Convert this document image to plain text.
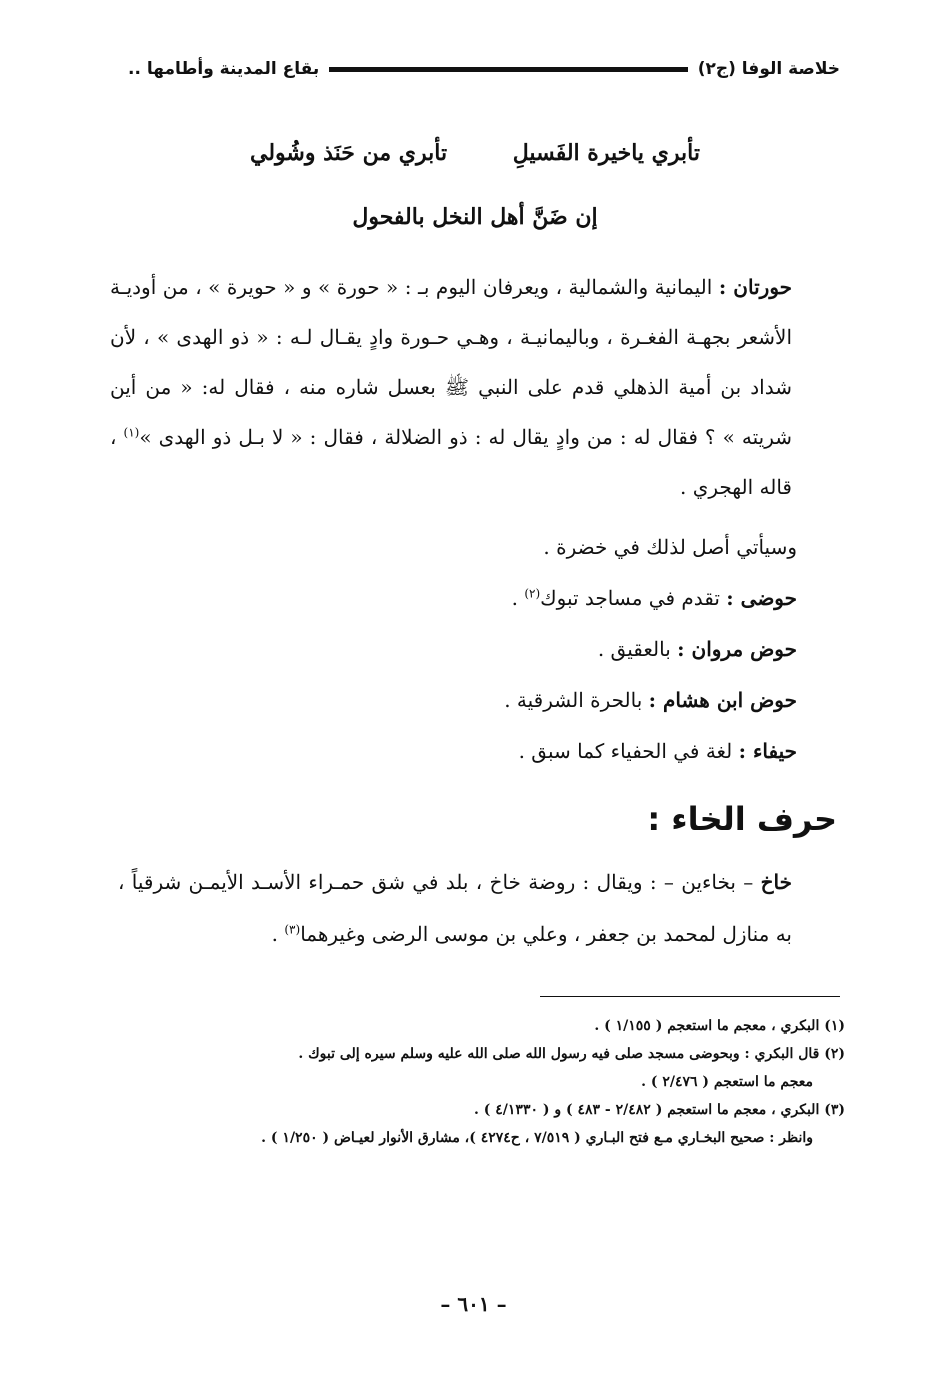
خلاصة الوفا (ج٢)
بقاع المدينة وأطامها ..
تأبري ياخيرة الفَسيلِ
تأبري من حَنَذ وشُولي
إن ضَنَّ أهل النخل بالفحول

حورتان : اليمانية والشمالية ، ويعرفان اليوم بـ : « حورة » و « حويرة » ، من أوديـة الأشعر بجهـة الفغـرة ، وباليمانيـة ، وهـي حـورة وادٍ يقـال لـه : « ذو الهدى » ، لأن شداد بن أمية الذهلي قدم على النبي ﷺ بعسل شاره منه ، فقال له: « من أين شريته » ؟ فقال له : من وادٍ يقال له : ذو الضلالة ، فقال : « لا بـل ذو الهدى »$^{(١)}$ ، قاله الهجري .

وسيأتي أصل لذلك في خضرة .

حوضى : تقدم في مساجد تبوك$^{(٢)}$ .

حوض مروان : بالعقيق .

حوض ابن هشام : بالحرة الشرقية .

حيفاء : لغة في الحفياء كما سبق .

حرف الخاء :

خاخ – بخاءين – : ويقال : روضة خاخ ، بلد في شق حمـراء الأسـد الأيمـن شرقياً ، به منازل لمحمد بن جعفر ، وعلي بن موسى الرضى وغيرهما$^{(٣)}$ .

(١) البكري ، معجم ما استعجم ( ١/١٥٥ ) .

(٢) قال البكري : وبحوضى مسجد صلى فيه رسول الله صلى الله عليه وسلم سيره إلى تبوك .

معجم ما استعجم ( ٢/٤٧٦ ) .

(٣) البكري ، معجم ما استعجم ( ٢/٤٨٢ - ٤٨٣ ) و ( ٤/١٣٣٠ ) .

وانظر : صحيح البخـاري مـع فتح البـاري ( ٧/٥١٩ ، ح٤٢٧٤ )، مشارق الأنوار لعيـاض ( ١/٢٥٠ ) .

– ٦٠١ –
